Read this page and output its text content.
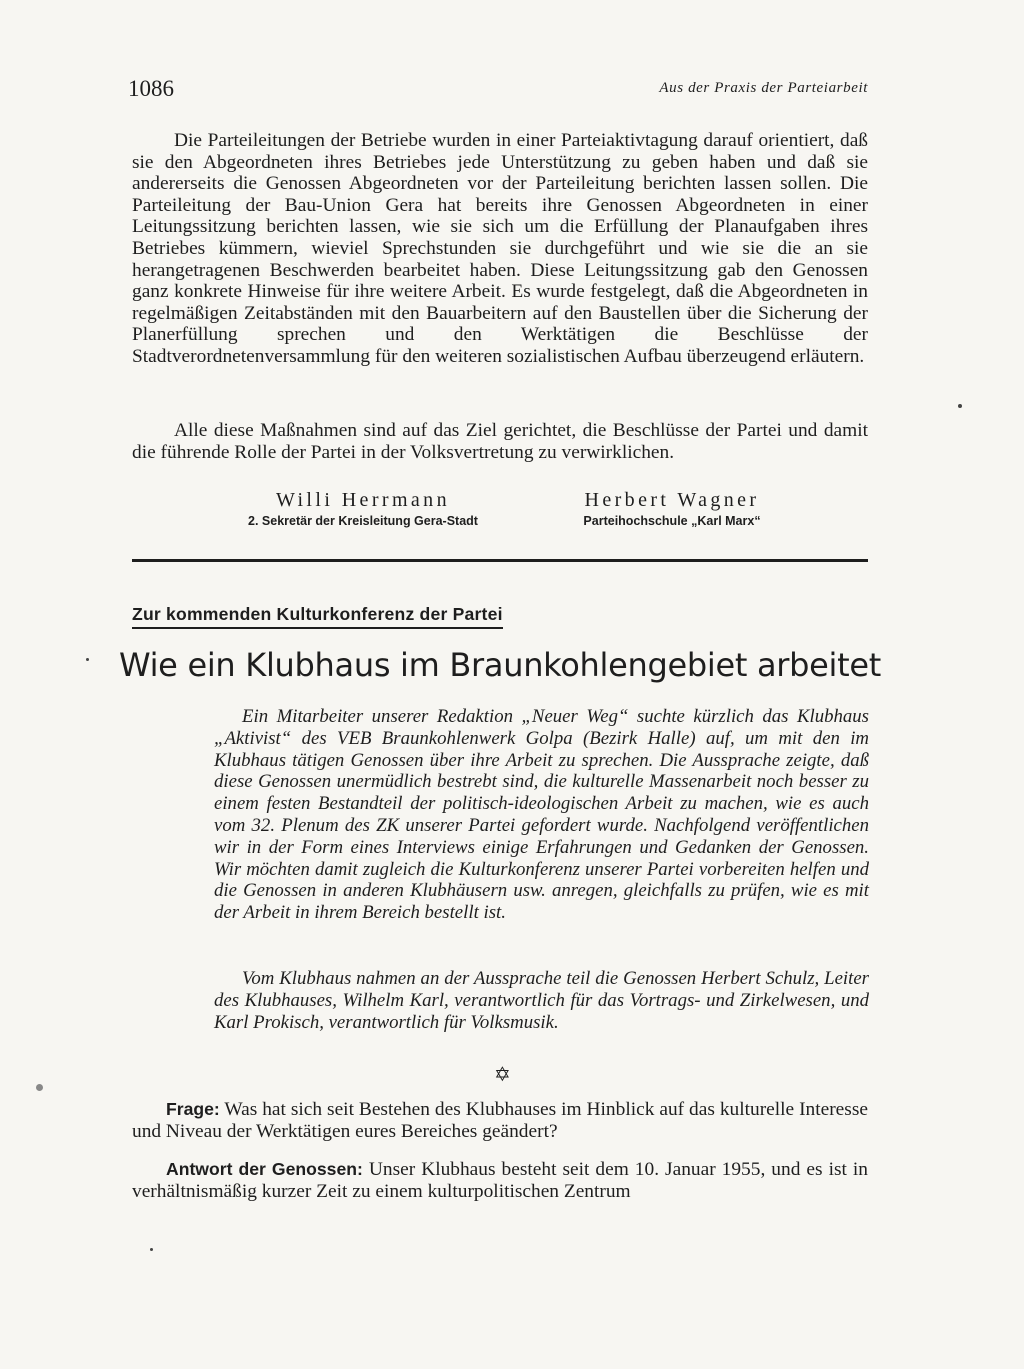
1086	Aus der Praxis der Parteiarbeit

Die Parteileitungen der Betriebe wurden in einer Parteiaktivtagung darauf orientiert, daß sie den Abgeordneten ihres Betriebes jede Unterstützung zu geben haben und daß sie andererseits die Genossen Abgeordneten vor der Parteileitung berichten lassen sollen. Die Parteileitung der Bau-Union Gera hat bereits ihre Genossen Abgeordneten in einer Leitungssitzung berichten lassen, wie sie sich um die Erfüllung der Planaufgaben ihres Betriebes kümmern, wieviel Sprechstunden sie durchgeführt und wie sie die an sie herangetragenen Beschwerden bearbeitet haben. Diese Leitungssitzung gab den Genossen ganz konkrete Hinweise für ihre weitere Arbeit. Es wurde festgelegt, daß die Abgeordneten in regelmäßigen Zeitabständen mit den Bauarbeitern auf den Baustellen über die Sicherung der Planerfüllung sprechen und den Werktätigen die Beschlüsse der Stadtverordnetenversammlung für den weiteren sozialistischen Aufbau überzeugend erläutern.

Alle diese Maßnahmen sind auf das Ziel gerichtet, die Beschlüsse der Partei und damit die führende Rolle der Partei in der Volksvertretung zu verwirklichen.

Willi Herrmann
2. Sekretär der Kreisleitung Gera-Stadt
Herbert Wagner
Parteihochschule „Karl Marx“
Zur kommenden Kulturkonferenz der Partei
Wie ein Klubhaus im Braunkohlengebiet arbeitet

Ein Mitarbeiter unserer Redaktion „Neuer Weg“ suchte kürzlich das Klubhaus „Aktivist“ des VEB Braunkohlenwerk Golpa (Bezirk Halle) auf, um mit den im Klubhaus tätigen Genossen über ihre Arbeit zu sprechen. Die Aussprache zeigte, daß diese Genossen unermüdlich bestrebt sind, die kulturelle Massenarbeit noch besser zu einem festen Bestandteil der politisch-ideologischen Arbeit zu machen, wie es auch vom 32. Plenum des ZK unserer Partei gefordert wurde. Nachfolgend veröffentlichen wir in der Form eines Interviews einige Erfahrungen und Gedanken der Genossen. Wir möchten damit zugleich die Kulturkonferenz unserer Partei vorbereiten helfen und die Genossen in anderen Klubhäusern usw. anregen, gleichfalls zu prüfen, wie es mit der Arbeit in ihrem Bereich bestellt ist.

Vom Klubhaus nahmen an der Aussprache teil die Genossen Herbert Schulz, Leiter des Klubhauses, Wilhelm Karl, verantwortlich für das Vortrags- und Zirkelwesen, und Karl Prokisch, verantwortlich für Volksmusik.

✡

Frage: Was hat sich seit Bestehen des Klubhauses im Hinblick auf das kulturelle Interesse und Niveau der Werktätigen eures Bereiches geändert?

Antwort der Genossen: Unser Klubhaus besteht seit dem 10. Januar 1955, und es ist in verhältnismäßig kurzer Zeit zu einem kulturpolitischen Zentrum
